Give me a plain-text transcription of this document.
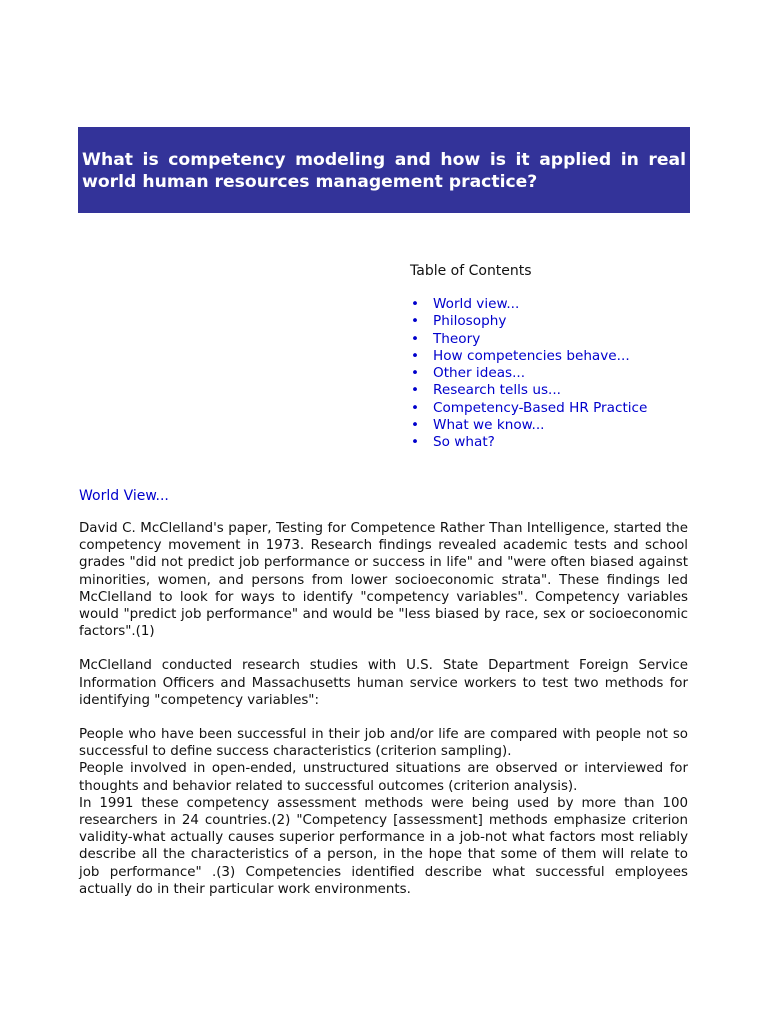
What is competency modeling and how is it applied in real world human resources management practice?
Table of Contents
• World view...
• Philosophy
• Theory
• How competencies behave...
• Other ideas...
• Research tells us...
• Competency-Based HR Practice
• What we know...
• So what?
World View...

David C. McClelland's paper, Testing for Competence Rather Than Intelligence, started the competency movement in 1973. Research findings revealed academic tests and school grades "did not predict job performance or success in life" and "were often biased against minorities, women, and persons from lower socioeconomic strata". These findings led McClelland to look for ways to identify "competency variables". Competency variables would "predict job performance" and would be "less biased by race, sex or socioeconomic factors".(1)

McClelland conducted research studies with U.S. State Department Foreign Service Information Officers and Massachusetts human service workers to test two methods for identifying "competency variables":

People who have been successful in their job and/or life are compared with people not so successful to define success characteristics (criterion sampling).

People involved in open-ended, unstructured situations are observed or interviewed for thoughts and behavior related to successful outcomes (criterion analysis).

In 1991 these competency assessment methods were being used by more than 100 researchers in 24 countries.(2) "Competency [assessment] methods emphasize criterion validity-what actually causes superior performance in a job-not what factors most reliably describe all the characteristics of a person, in the hope that some of them will relate to job performance" .(3) Competencies identified describe what successful employees actually do in their particular work environments.
